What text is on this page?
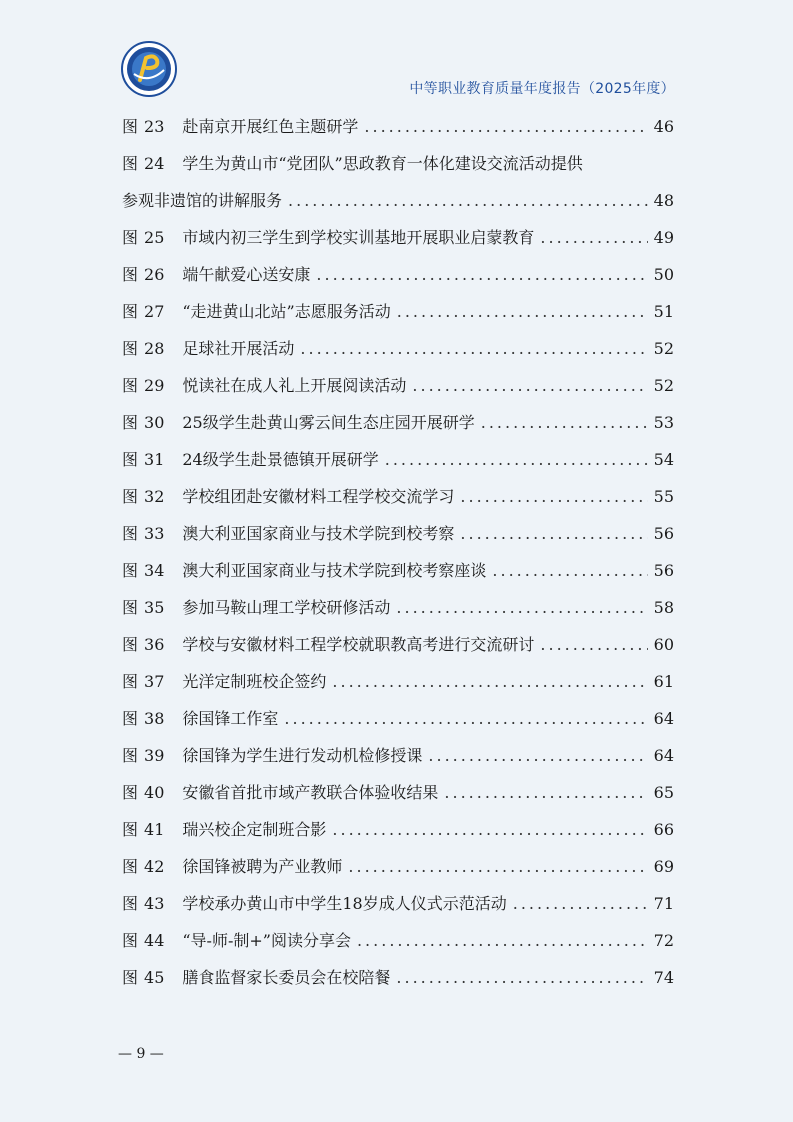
中等职业教育质量年度报告（2025年度）
图 23	赴南京开展红色主题研学 .....	46
图 24	学生为黄山市“党团队”思政教育一体化建设交流活动提供
参观非遗馆的讲解服务 .....	48
图 25	市域内初三学生到学校实训基地开展职业启蒙教育 .....	49
图 26	端午献爱心送安康 .....	50
图 27	“走进黄山北站”志愿服务活动 .....	51
图 28	足球社开展活动 .....	52
图 29	悦读社在成人礼上开展阅读活动 .....	52
图 30	25级学生赴黄山雾云间生态庄园开展研学 .....	53
图 31	24级学生赴景德镇开展研学 .....	54
图 32	学校组团赴安徽材料工程学校交流学习 .....	55
图 33	澳大利亚国家商业与技术学院到校考察 .....	56
图 34	澳大利亚国家商业与技术学院到校考察座谈 .....	56
图 35	参加马鞍山理工学校研修活动 .....	58
图 36	学校与安徽材料工程学校就职教高考进行交流研讨 .....	60
图 37	光洋定制班校企签约 .....	61
图 38	徐国锋工作室 .....	64
图 39	徐国锋为学生进行发动机检修授课 .....	64
图 40	安徽省首批市域产教联合体验收结果 .....	65
图 41	瑞兴校企定制班合影 .....	66
图 42	徐国锋被聘为产业教师 .....	69
图 43	学校承办黄山市中学生18岁成人仪式示范活动 .....	71
图 44	“导-师-制+”阅读分享会 .....	72
图 45	膳食监督家长委员会在校陪餐 .....	74
— 9 —
